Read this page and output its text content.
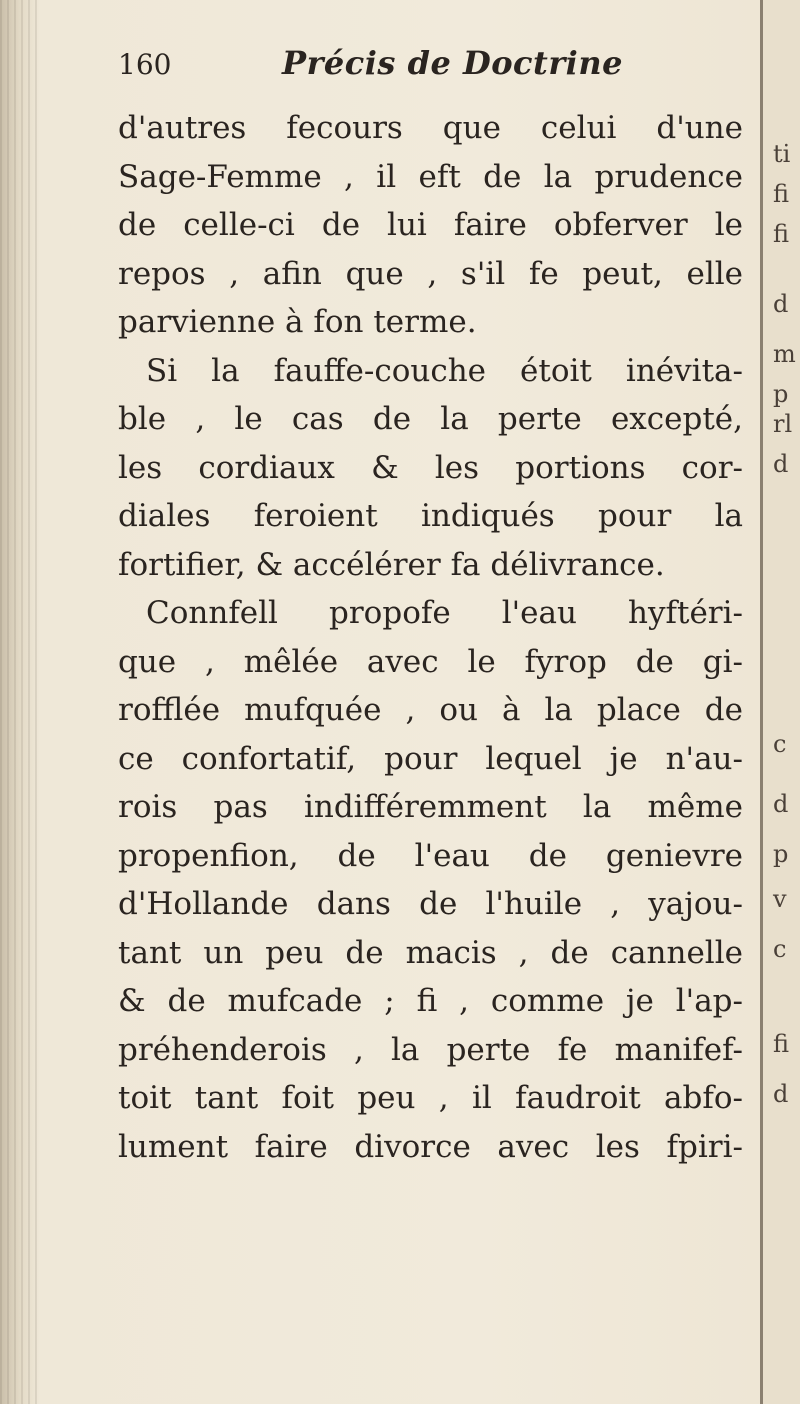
160	Précis de Doctrine
d'autres fecours que celui d'une
Sage-Femme , il eft de la prudence
de celle-ci de lui faire obferver le
repos , afin que , s'il fe peut, elle
parvienne à fon terme.
Si la fauffe-couche étoit inévita-
ble , le cas de la perte excepté,
les cordiaux & les portions cor-
diales feroient indiqués pour la
fortifier, & accélérer fa délivrance.
Connfell propofe l'eau hyftéri-
que , mêlée avec le fyrop de gi-
rofflée mufquée , ou à la place de
ce confortatif, pour lequel je n'au-
rois pas indifféremment la même
propenfion, de l'eau de genievre
d'Hollande dans de l'huile , yajou-
tant un peu de macis , de cannelle
& de mufcade ; fi , comme je l'ap-
préhenderois , la perte fe manifef-
toit tant foit peu , il faudroit abfo-
lument faire divorce avec les fpiri-
ti
fi
fi
d
m
p
rl
d
c
d
p
v
c
fi
d
